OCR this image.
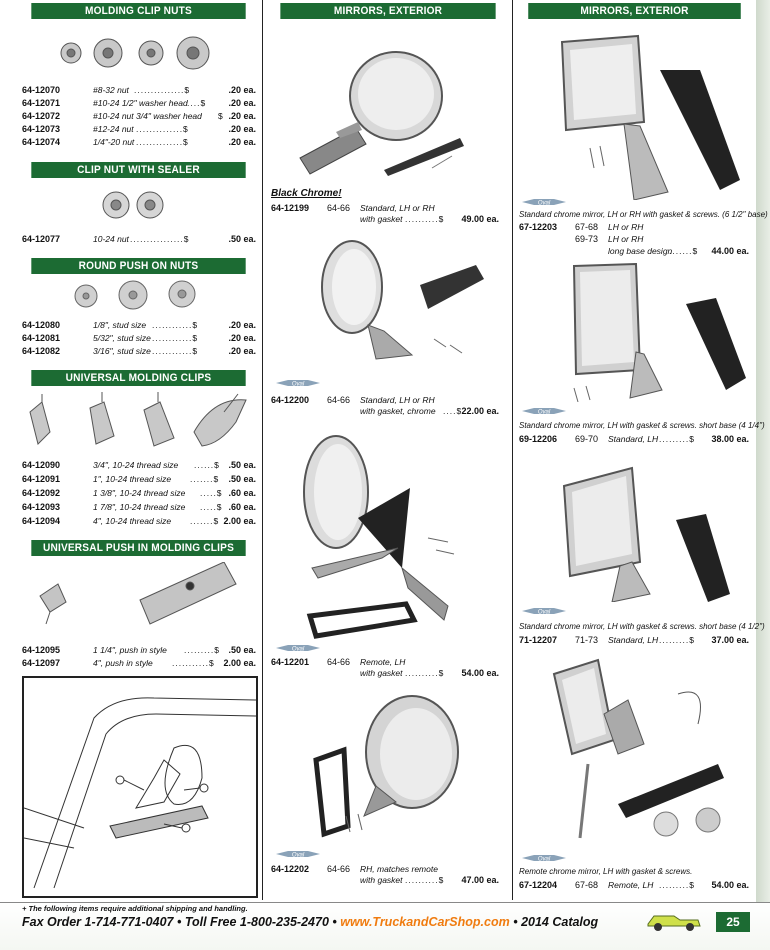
MOLDING CLIP NUTS
64-12070	#8-32 nut ...............$	.20 ea.
64-12071	#10-24 1/2" washer head ....$ .20 ea.
64-12072	#10-24 nut 3/4" washer head $ .20 ea.
64-12073	#12-24 nut ..............$	.20 ea.
64-12074	1/4"-20 nut ..............$	.20 ea.
CLIP NUT WITH SEALER
64-12077	10-24 nut ................$	.50 ea.
ROUND PUSH ON NUTS
64-12080	1/8", stud size ............$	.20 ea.
64-12081	5/32", stud size ............$	.20 ea.
64-12082	3/16", stud size ............$	.20 ea.
UNIVERSAL MOLDING CLIPS
64-12090	3/4", 10-24 thread size ......$ .50 ea.
64-12091	1", 10-24 thread size .......$ .50 ea.
64-12092	1 3/8", 10-24 thread size .....$ .60 ea.
64-12093	1 7/8", 10-24 thread size .....$ .60 ea.
64-12094	4", 10-24 thread size .......$ 2.00 ea.
UNIVERSAL PUSH IN MOLDING CLIPS
64-12095	1 1/4", push in style .........$ .50 ea.
64-12097	4", push in style ...........$ 2.00 ea.
MIRRORS, EXTERIOR
Black Chrome!
64-12199 64-66 Standard, LH or RH
with gasket ..........$ 49.00 ea.
Oval
64-12200 64-66 Standard, LH or RH
with gasket, chrome ....$ 22.00 ea.
Oval
64-12201 64-66 Remote, LH
with gasket ..........$ 54.00 ea.
Oval
64-12202 64-66 RH, matches remote
with gasket ..........$ 47.00 ea.
MIRRORS, EXTERIOR
Oval
Standard chrome mirror, LH or RH with gasket & screws. (6 1/2" base)
67-12203 67-68 LH or RH
69-73 LH or RH
long base design
.......$ 44.00 ea.
Oval
Standard chrome mirror, LH with gasket & screws. short base (4 1/4")
69-12206 69-70 Standard, LH .........$ 38.00 ea.
Oval
Standard chrome mirror, LH with gasket & screws. short base (4 1/2")
71-12207 71-73 Standard, LH .........$ 37.00 ea.
Oval
Remote chrome mirror, LH with gasket & screws.
67-12204 67-68 Remote, LH .........$ 54.00 ea.
+ The following items require additional shipping and handling.
Fax Order 1-714-771-0407 • Toll Free 1-800-235-2470 • www.TruckandCarShop.com • 2014 Catalog	25
